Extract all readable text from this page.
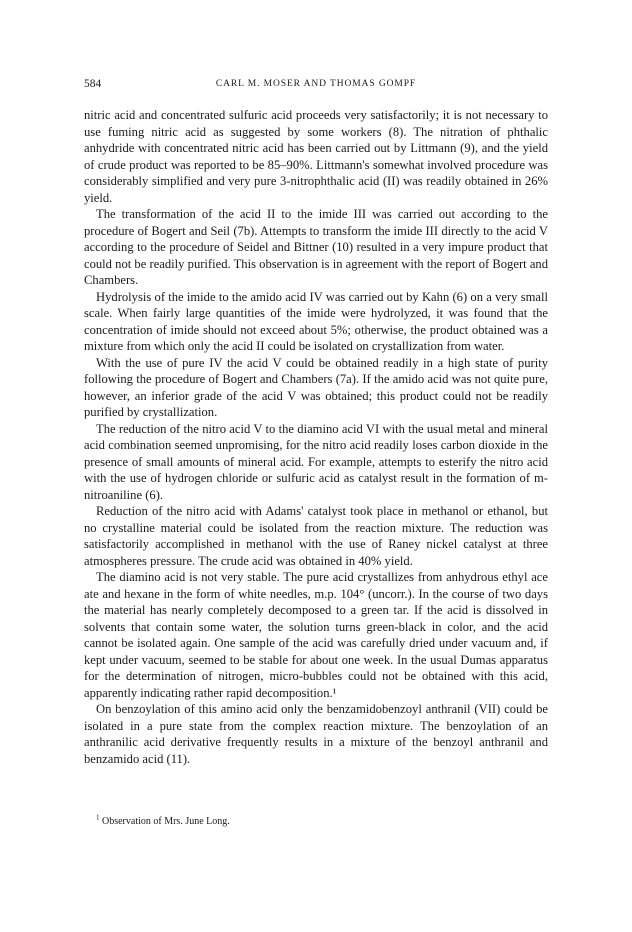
584	CARL M. MOSER AND THOMAS GOMPF

nitric acid and concentrated sulfuric acid proceeds very satisfactorily; it is not necessary to use fuming nitric acid as suggested by some workers (8). The nitration of phthalic anhydride with concentrated nitric acid has been carried out by Littmann (9), and the yield of crude product was reported to be 85–90%. Littmann's somewhat involved procedure was considerably simplified and very pure 3-nitrophthalic acid (II) was readily obtained in 26% yield.

The transformation of the acid II to the imide III was carried out according to the procedure of Bogert and Seil (7b). Attempts to transform the imide III directly to the acid V according to the procedure of Seidel and Bittner (10) resulted in a very impure product that could not be readily purified. This observation is in agreement with the report of Bogert and Chambers.

Hydrolysis of the imide to the amido acid IV was carried out by Kahn (6) on a very small scale. When fairly large quantities of the imide were hydrolyzed, it was found that the concentration of imide should not exceed about 5%; otherwise, the product obtained was a mixture from which only the acid II could be isolated on crystallization from water.

With the use of pure IV the acid V could be obtained readily in a high state of purity following the procedure of Bogert and Chambers (7a). If the amido acid was not quite pure, however, an inferior grade of the acid V was obtained; this product could not be readily purified by crystallization.

The reduction of the nitro acid V to the diamino acid VI with the usual metal and mineral acid combination seemed unpromising, for the nitro acid readily loses carbon dioxide in the presence of small amounts of mineral acid. For example, attempts to esterify the nitro acid with the use of hydrogen chloride or sulfuric acid as catalyst result in the formation of m-nitroaniline (6).

Reduction of the nitro acid with Adams' catalyst took place in methanol or ethanol, but no crystalline material could be isolated from the reaction mixture. The reduction was satisfactorily accomplished in methanol with the use of Raney nickel catalyst at three atmospheres pressure. The crude acid was obtained in 40% yield.

The diamino acid is not very stable. The pure acid crystallizes from anhydrous ethyl ace ate and hexane in the form of white needles, m.p. 104° (uncorr.). In the course of two days the material has nearly completely decomposed to a green tar. If the acid is dissolved in solvents that contain some water, the solution turns green-black in color, and the acid cannot be isolated again. One sample of the acid was carefully dried under vacuum and, if kept under vacuum, seemed to be stable for about one week. In the usual Dumas apparatus for the determination of nitrogen, micro-bubbles could not be obtained with this acid, apparently indicating rather rapid decomposition.¹

On benzoylation of this amino acid only the benzamidobenzoyl anthranil (VII) could be isolated in a pure state from the complex reaction mixture. The benzoylation of an anthranilic acid derivative frequently results in a mixture of the benzoyl anthranil and benzamido acid (11).

$^1$ Observation of Mrs. June Long.
